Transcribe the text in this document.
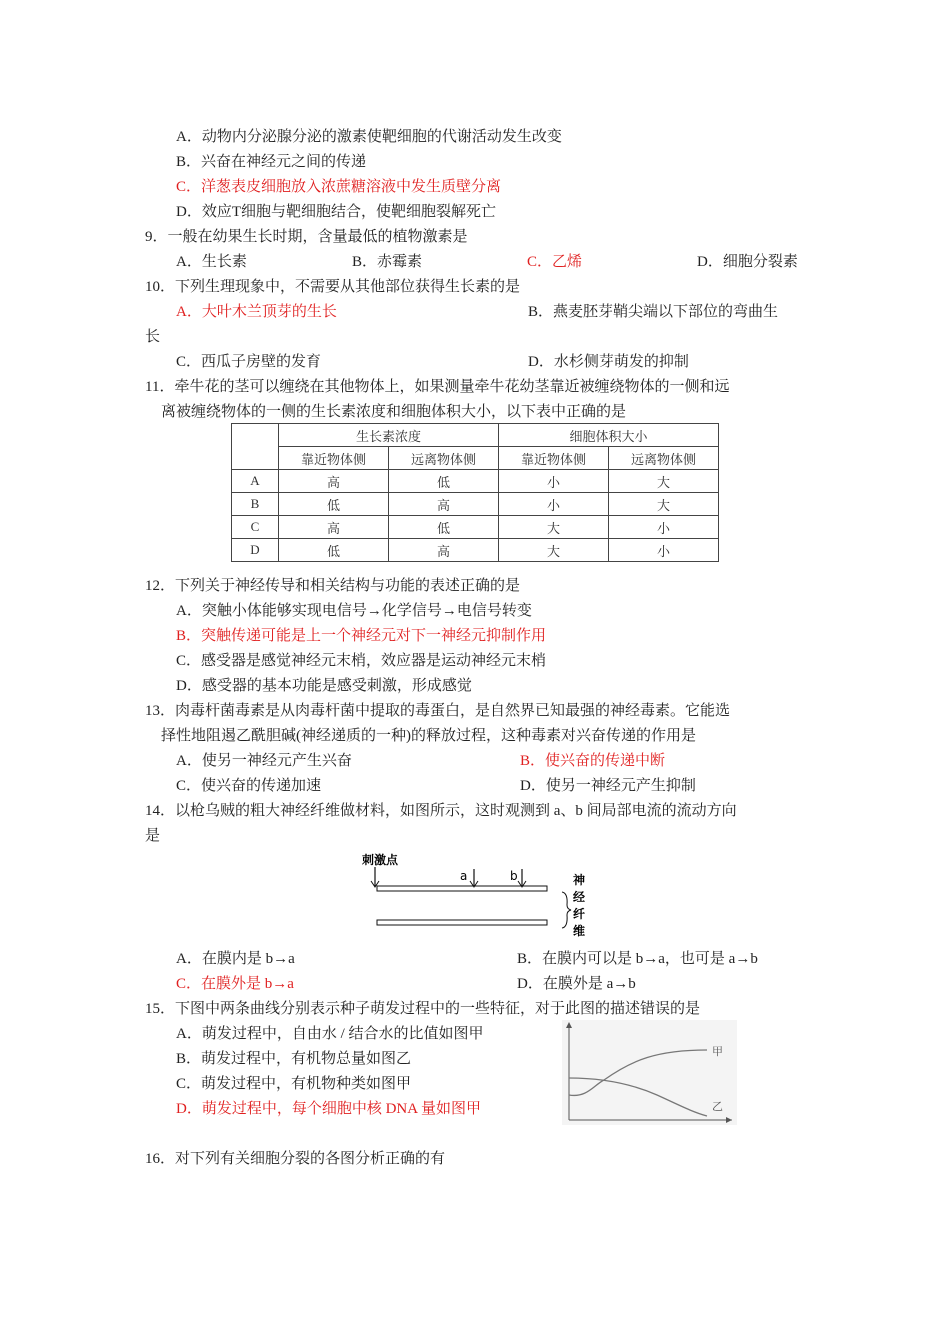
A．动物内分泌腺分泌的激素使靶细胞的代谢活动发生改变
B．兴奋在神经元之间的传递
C．洋葱表皮细胞放入浓蔗糖溶液中发生质壁分离
D．效应T细胞与靶细胞结合，使靶细胞裂解死亡
9．一般在幼果生长时期，含量最低的植物激素是
A．生长素	B．赤霉素	C．乙烯	D．细胞分裂素
10．下列生理现象中，不需要从其他部位获得生长素的是
A．大叶木兰顶芽的生长	B．燕麦胚芽鞘尖端以下部位的弯曲生
长
C．西瓜子房壁的发育	D．水杉侧芽萌发的抑制
11．牵牛花的茎可以缠绕在其他物体上，如果测量牵牛花幼茎靠近被缠绕物体的一侧和远
离被缠绕物体的一侧的生长素浓度和细胞体积大小，以下表中正确的是
	生长素浓度		细胞体积大小	
	靠近物体侧	远离物体侧	靠近物体侧	远离物体侧
A	高	低	小	大
B	低	高	小	大
C	高	低	大	小
D	低	高	大	小
12．下列关于神经传导和相关结构与功能的表述正确的是
A．突触小体能够实现电信号→化学信号→电信号转变
B．突触传递可能是上一个神经元对下一神经元抑制作用
C．感受器是感觉神经元末梢，效应器是运动神经元末梢
D．感受器的基本功能是感受刺激，形成感觉
13．肉毒杆菌毒素是从肉毒杆菌中提取的毒蛋白，是自然界已知最强的神经毒素。它能选
择性地阻遏乙酰胆碱(神经递质的一种)的释放过程，这种毒素对兴奋传递的作用是
A．使另一神经元产生兴奋	B．使兴奋的传递中断
C．使兴奋的传递加速	D．使另一神经元产生抑制
14．以枪乌贼的粗大神经纤维做材料，如图所示，这时观测到 a、b 间局部电流的流动方向
是
刺激点
a	b	神
经
纤
维
A．在膜内是 b→a	B．在膜内可以是 b→a，也可是 a→b
C．在膜外是 b→a	D．在膜外是 a→b
15．下图中两条曲线分别表示种子萌发过程中的一些特征，对于此图的描述错误的是
A．萌发过程中，自由水 / 结合水的比值如图甲
B．萌发过程中，有机物总量如图乙
C．萌发过程中，有机物种类如图甲
D．萌发过程中，每个细胞中核 DNA 量如图甲
甲
乙
16．对下列有关细胞分裂的各图分析正确的有
